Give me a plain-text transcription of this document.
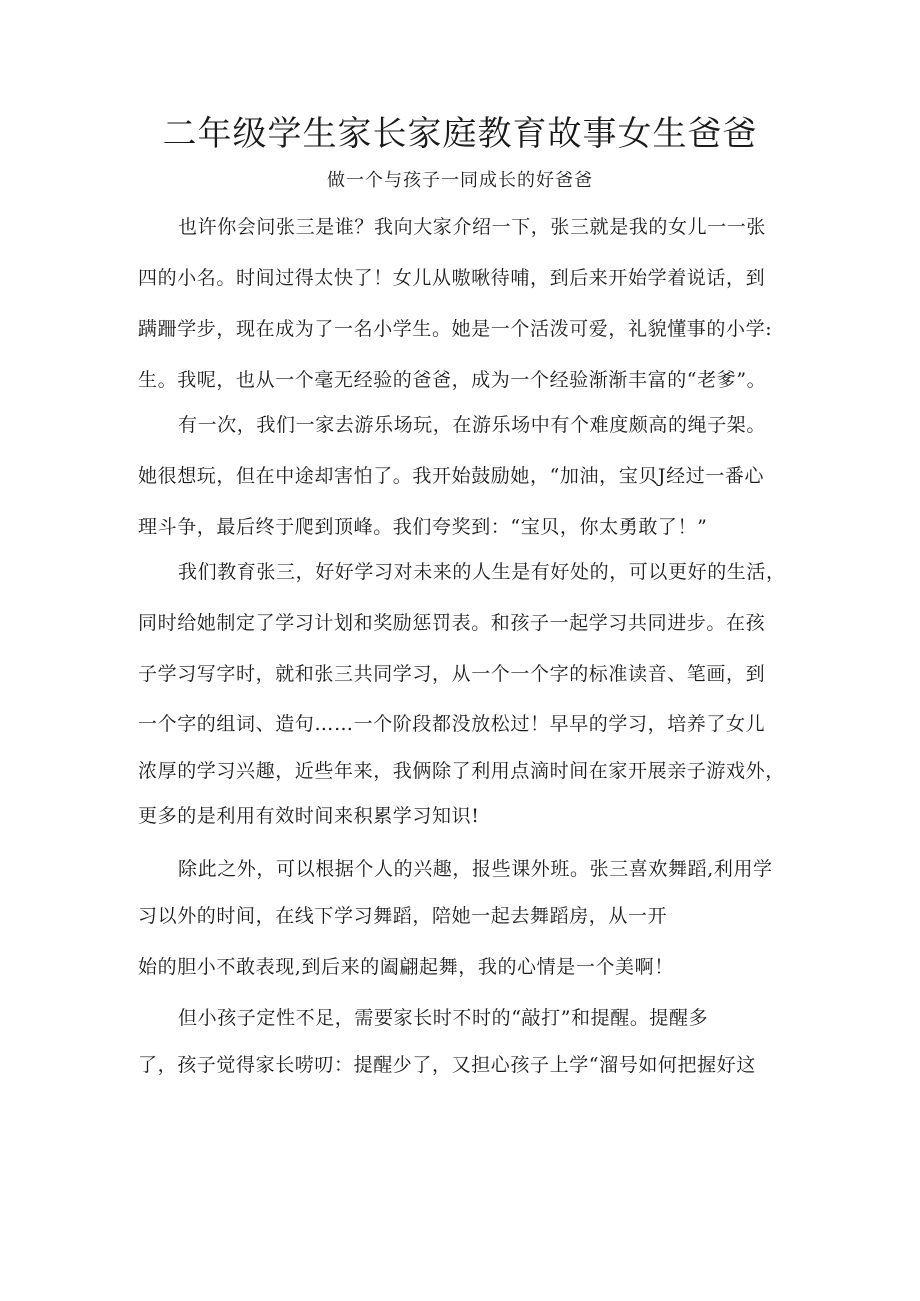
二年级学生家长家庭教育故事女生爸爸

做一个与孩子一同成长的好爸爸

也许你会问张三是谁？我向大家介绍一下，张三就是我的女儿一一张

四的小名。时间过得太快了！女儿从嗷啾待哺，到后来开始学着说话，到

蹒跚学步，现在成为了一名小学生。她是一个活泼可爱，礼貌懂事的小学:

生。我呢，也从一个毫无经验的爸爸，成为一个经验渐渐丰富的“老爹”。

有一次，我们一家去游乐场玩，在游乐场中有个难度颇高的绳子架。

她很想玩，但在中途却害怕了。我开始鼓励她，“加油，宝贝J经过一番心

理斗争，最后终于爬到顶峰。我们夸奖到：“宝贝，你太勇敢了！”

我们教育张三，好好学习对未来的人生是有好处的，可以更好的生活，

同时给她制定了学习计划和奖励惩罚表。和孩子一起学习共同进步。在孩

子学习写字时，就和张三共同学习，从一个一个字的标准读音、笔画，到

一个字的组词、造句……一个阶段都没放松过！早早的学习，培养了女儿

浓厚的学习兴趣，近些年来，我俩除了利用点滴时间在家开展亲子游戏外，

更多的是利用有效时间来积累学习知识!

除此之外，可以根据个人的兴趣，报些课外班。张三喜欢舞蹈,利用学

习以外的时间，在线下学习舞蹈，陪她一起去舞蹈房，从一开

始的胆小不敢表现,到后来的阖翩起舞，我的心情是一个美啊！

但小孩子定性不足，需要家长时不时的“敲打”和提醒。提醒多

了，孩子觉得家长唠叨：提醒少了，又担心孩子上学“溜号如何把握好这
